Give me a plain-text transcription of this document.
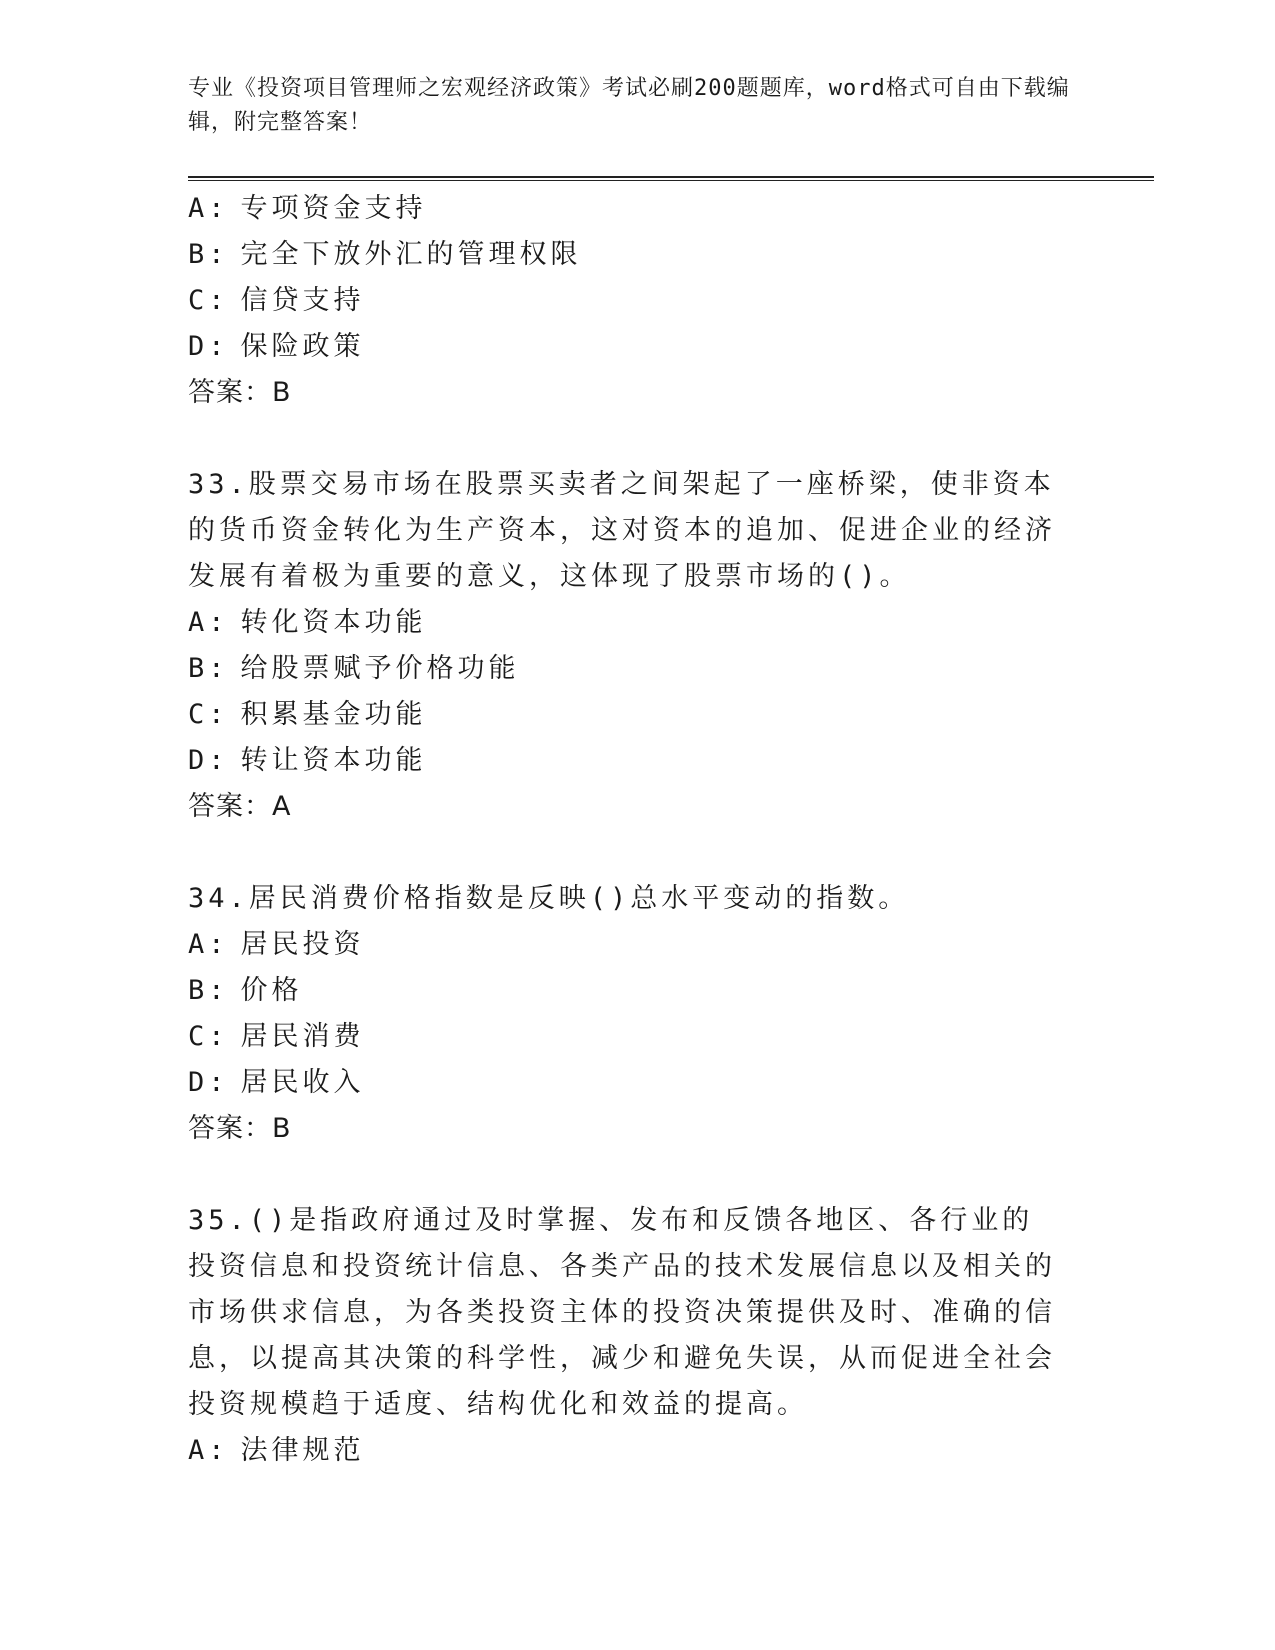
专业《投资项目管理师之宏观经济政策》考试必刷200题题库，word格式可自由下载编辑，附完整答案！
A: 专项资金支持
B: 完全下放外汇的管理权限
C: 信贷支持
D: 保险政策
答案：B
33.股票交易市场在股票买卖者之间架起了一座桥梁，使非资本的货币资金转化为生产资本，这对资本的追加、促进企业的经济发展有着极为重要的意义，这体现了股票市场的()。
A: 转化资本功能
B: 给股票赋予价格功能
C: 积累基金功能
D: 转让资本功能
答案：A
34.居民消费价格指数是反映()总水平变动的指数。
A: 居民投资
B: 价格
C: 居民消费
D: 居民收入
答案：B
35.()是指政府通过及时掌握、发布和反馈各地区、各行业的投资信息和投资统计信息、各类产品的技术发展信息以及相关的市场供求信息，为各类投资主体的投资决策提供及时、准确的信息，以提高其决策的科学性，减少和避免失误，从而促进全社会投资规模趋于适度、结构优化和效益的提高。
A: 法律规范
